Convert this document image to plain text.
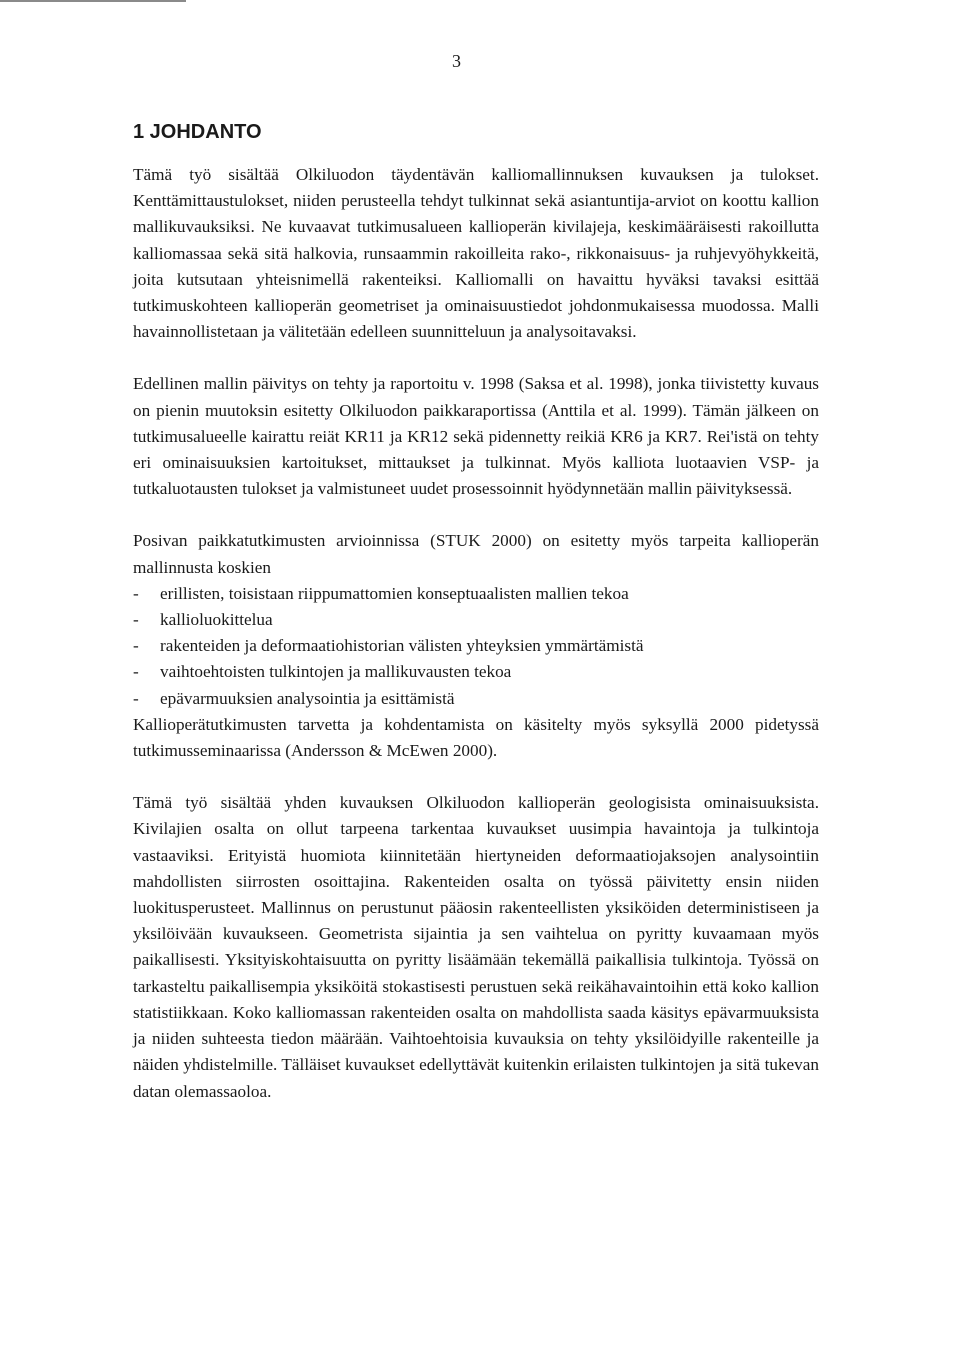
3
1 JOHDANTO

Tämä työ sisältää Olkiluodon täydentävän kalliomallinnuksen kuvauksen ja tulokset. Kenttämittaustulokset, niiden perusteella tehdyt tulkinnat sekä asiantuntija-arviot on koottu kallion mallikuvauksiksi. Ne kuvaavat tutkimusalueen kallioperän kivilajeja, keskimääräisesti rakoillutta kalliomassaa sekä sitä halkovia, runsaammin rakoilleita rako-, rikkonaisuus- ja ruhjevyöhykkeitä, joita kutsutaan yhteisnimellä rakenteiksi. Kalliomalli on havaittu hyväksi tavaksi esittää tutkimuskohteen kallioperän geometriset ja ominaisuustiedot johdonmukaisessa muodossa. Malli havainnollistetaan ja välitetään edelleen suunnitteluun ja analysoitavaksi.

Edellinen mallin päivitys on tehty ja raportoitu v. 1998 (Saksa et al. 1998), jonka tiivistetty kuvaus on pienin muutoksin esitetty Olkiluodon paikkaraportissa (Anttila et al. 1999). Tämän jälkeen on tutkimusalueelle kairattu reiät KR11 ja KR12 sekä pidennetty reikiä KR6 ja KR7. Rei'istä on tehty eri ominaisuuksien kartoitukset, mittaukset ja tulkinnat. Myös kalliota luotaavien VSP- ja tutkaluotausten tulokset ja valmistuneet uudet prosessoinnit hyödynnetään mallin päivityksessä.

Posivan paikkatutkimusten arvioinnissa (STUK 2000) on esitetty myös tarpeita kallioperän mallinnusta koskien

- erillisten, toisistaan riippumattomien konseptuaalisten mallien tekoa
- kallioluokittelua
- rakenteiden ja deformaatiohistorian välisten yhteyksien ymmärtämistä
- vaihtoehtoisten tulkintojen ja mallikuvausten tekoa
- epävarmuuksien analysointia ja esittämistä

Kallioperätutkimusten tarvetta ja kohdentamista on käsitelty myös syksyllä 2000 pidetyssä tutkimusseminaarissa (Andersson & McEwen 2000).

Tämä työ sisältää yhden kuvauksen Olkiluodon kallioperän geologisista ominaisuuksista. Kivilajien osalta on ollut tarpeena tarkentaa kuvaukset uusimpia havaintoja ja tulkintoja vastaaviksi. Erityistä huomiota kiinnitetään hiertyneiden deformaatiojaksojen analysointiin mahdollisten siirrosten osoittajina. Rakenteiden osalta on työssä päivitetty ensin niiden luokitusperusteet. Mallinnus on perustunut pääosin rakenteellisten yksiköiden deterministiseen ja yksilöivään kuvaukseen. Geometrista sijaintia ja sen vaihtelua on pyritty kuvaamaan myös paikallisesti. Yksityiskohtaisuutta on pyritty lisäämään tekemällä paikallisia tulkintoja. Työssä on tarkasteltu paikallisempia yksiköitä stokastisesti perustuen sekä reikähavaintoihin että koko kallion statistiikkaan. Koko kalliomassan rakenteiden osalta on mahdollista saada käsitys epävarmuuksista ja niiden suhteesta tiedon määrään. Vaihtoehtoisia kuvauksia on tehty yksilöidyille rakenteille ja näiden yhdistelmille. Tälläiset kuvaukset edellyttävät kuitenkin erilaisten tulkintojen ja sitä tukevan datan olemassaoloa.
